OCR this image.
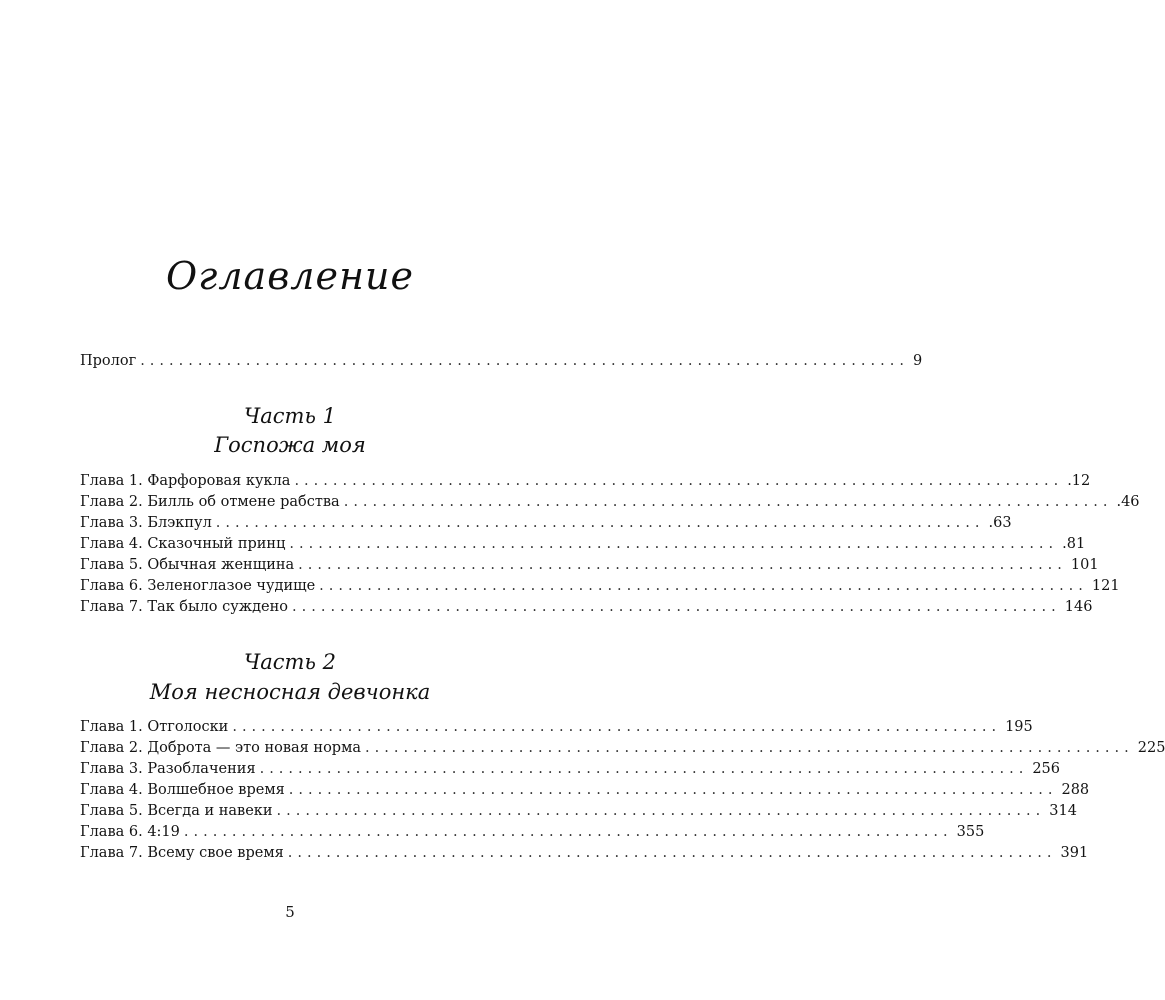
Оглавление
Пролог ................................................................................ 9
Часть 1
Госпожа моя
Глава 1. Фарфоровая кукла ................................................................................ .12
Глава 2. Билль об отмене рабства ................................................................................ .46
Глава 3. Блэкпул ................................................................................ .63
Глава 4. Сказочный принц ................................................................................ .81
Глава 5. Обычная женщина ................................................................................ 101
Глава 6. Зеленоглазое чудище ................................................................................ 121
Глава 7. Так было суждено ................................................................................ 146
Часть 2
Моя несносная девчонка
Глава 1. Отголоски ................................................................................ 195
Глава 2. Доброта — это новая норма ................................................................................ 225
Глава 3. Разоблачения ................................................................................ 256
Глава 4. Волшебное время ................................................................................ 288
Глава 5. Всегда и навеки ................................................................................ 314
Глава 6. 4:19 ................................................................................ 355
Глава 7. Всему свое время ................................................................................ 391
5
